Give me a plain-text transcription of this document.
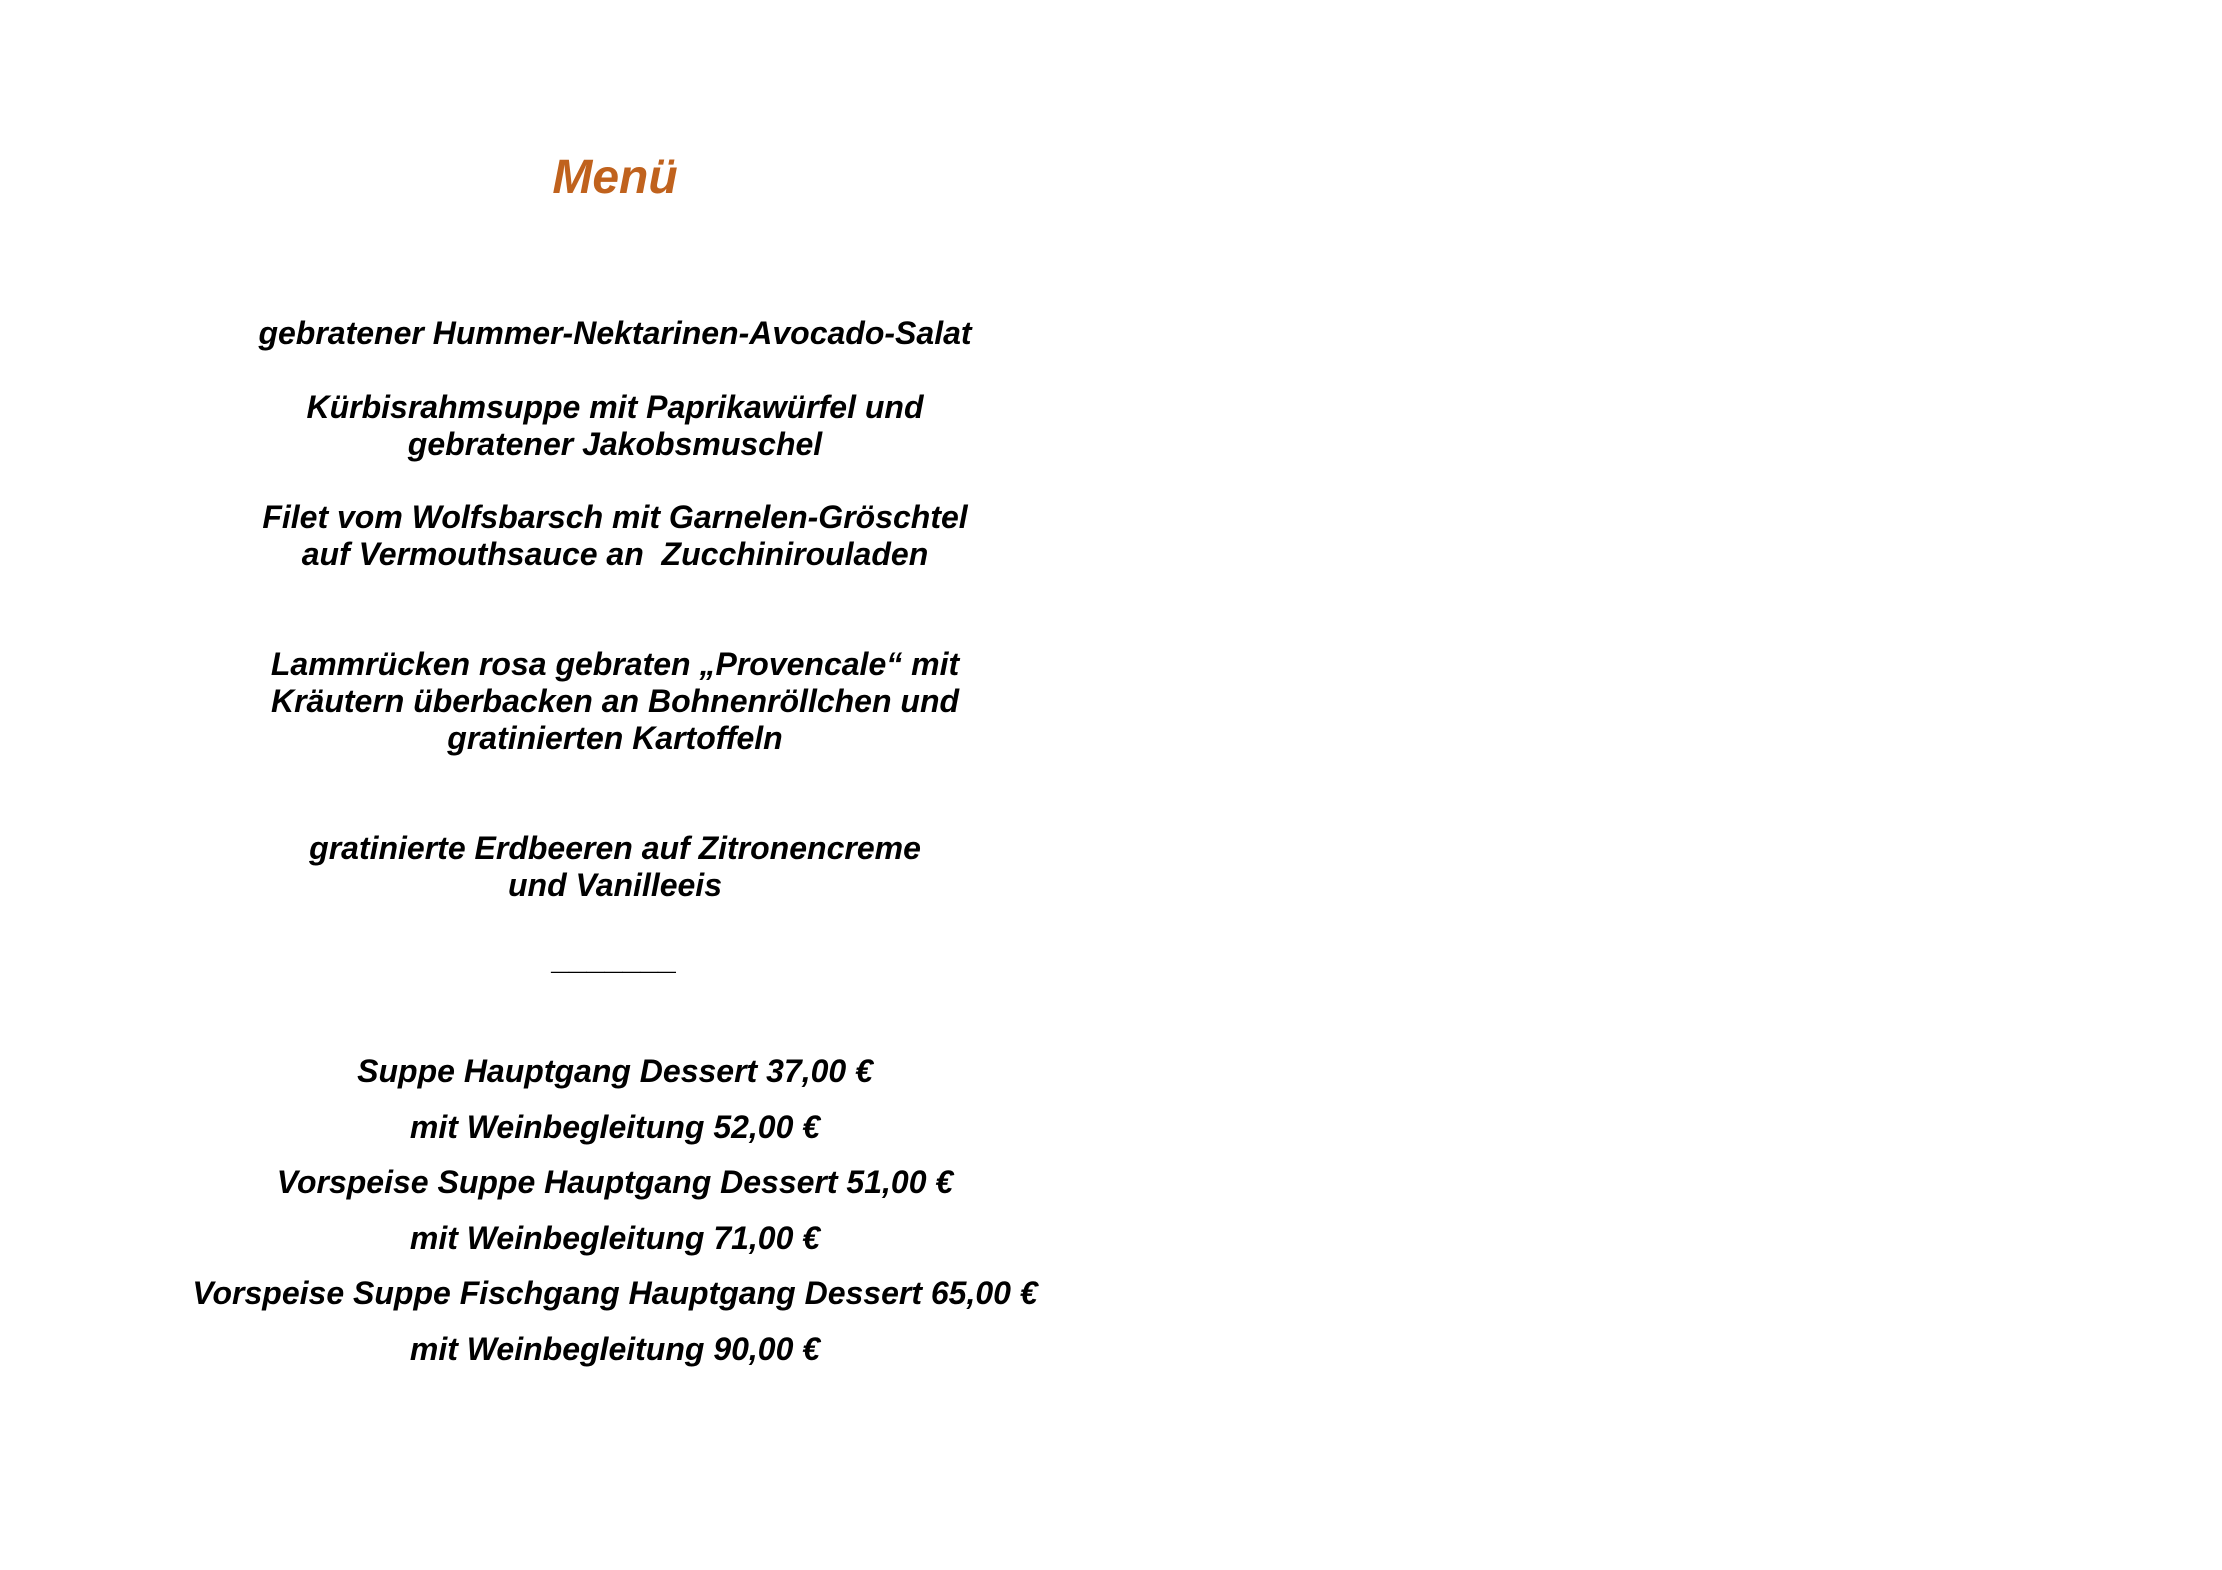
Menü
gebratener Hummer-Nektarinen-Avocado-Salat
Kürbisrahmsuppe mit Paprikawürfel und
gebratener Jakobsmuschel
Filet vom Wolfsbarsch mit Garnelen-Gröschtel
auf Vermouthsauce an  Zucchinirouladen
Lammrücken rosa gebraten „Provencale“ mit
Kräutern überbacken an Bohnenröllchen und
gratinierten Kartoffeln
gratinierte Erdbeeren auf Zitronencreme
und Vanilleeis
_______
Suppe Hauptgang Dessert 37,00 €
mit Weinbegleitung 52,00 €
Vorspeise Suppe Hauptgang Dessert 51,00 €
mit Weinbegleitung 71,00 €
Vorspeise Suppe Fischgang Hauptgang Dessert 65,00 €
mit Weinbegleitung 90,00 €
